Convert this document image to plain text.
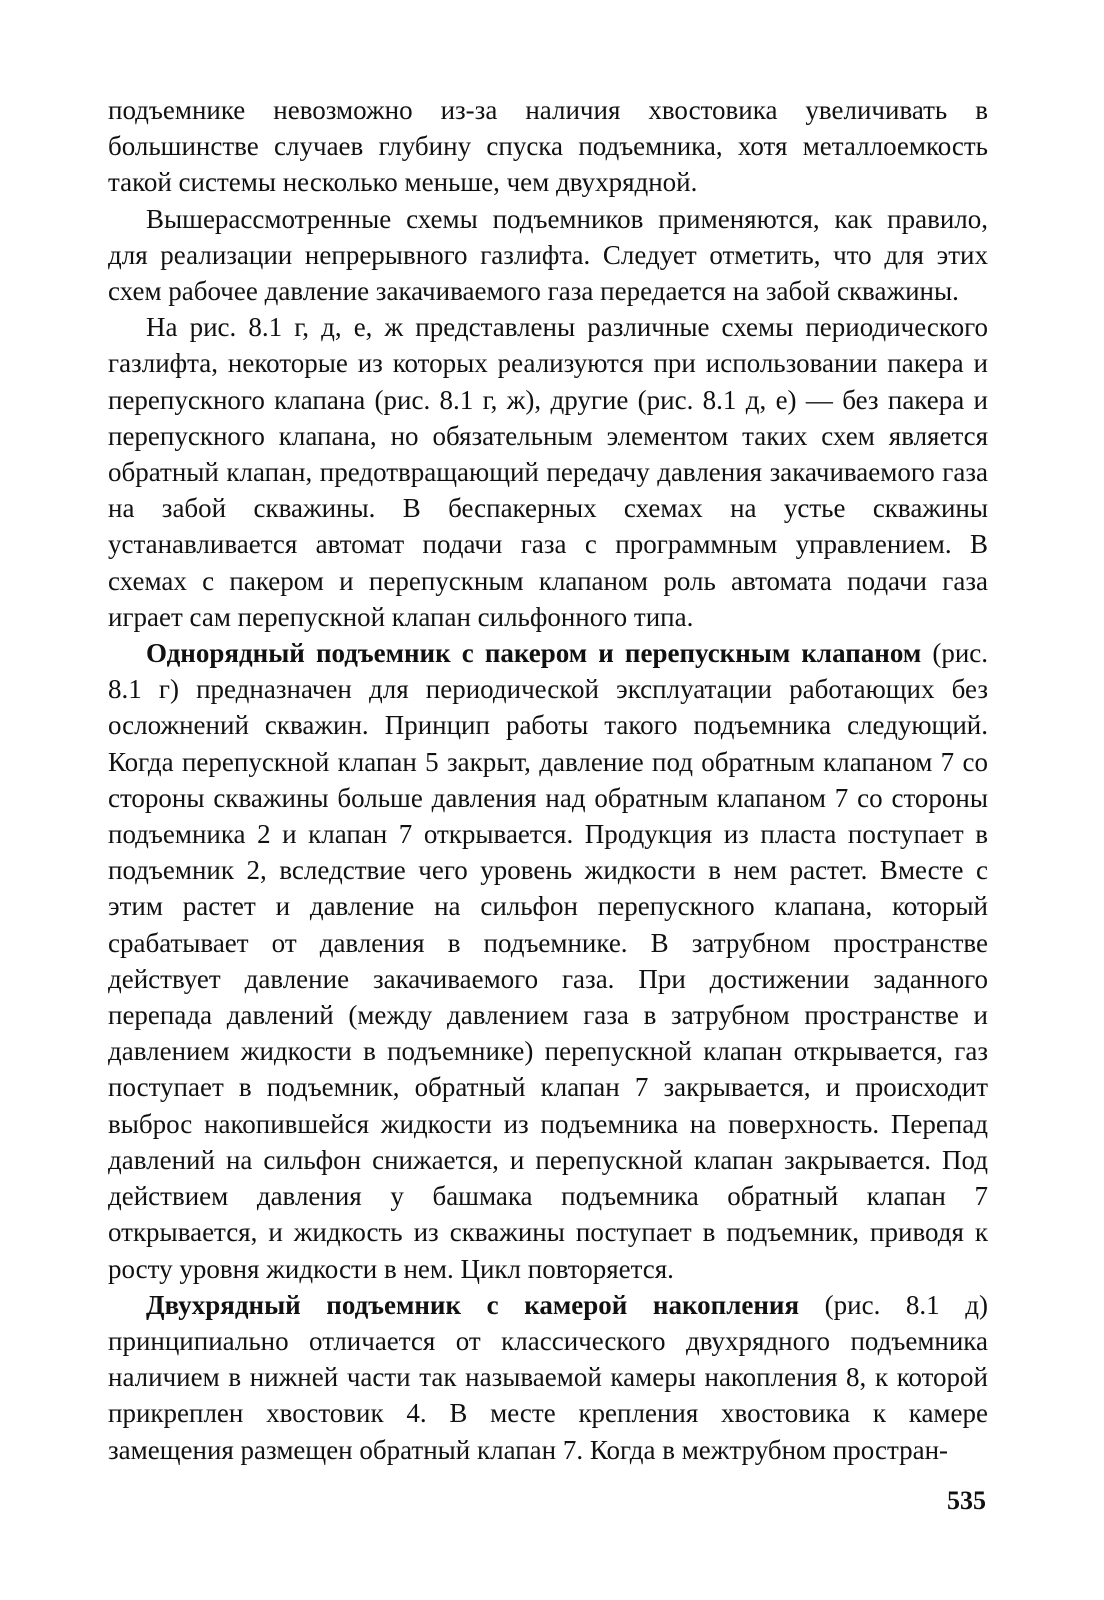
подъемнике невозможно из-за наличия хвостовика увеличивать в большинстве случаев глубину спуска подъемника, хотя металлоемкость такой системы несколько меньше, чем двухрядной.

Вышерассмотренные схемы подъемников применяются, как правило, для реализации непрерывного газлифта. Следует отметить, что для этих схем рабочее давление закачиваемого газа передается на забой скважины.

На рис. 8.1 г, д, е, ж представлены различные схемы периодического газлифта, некоторые из которых реализуются при использовании пакера и перепускного клапана (рис. 8.1 г, ж), другие (рис. 8.1 д, е) — без пакера и перепускного клапана, но обязательным элементом таких схем является обратный клапан, предотвращающий передачу давления закачиваемого газа на забой скважины. В беспакерных схемах на устье скважины устанавливается автомат подачи газа с программным управлением. В схемах с пакером и перепускным клапаном роль автомата подачи газа играет сам перепускной клапан сильфонного типа.

Однорядный подъемник с пакером и перепускным клапаном (рис. 8.1 г) предназначен для периодической эксплуатации работающих без осложнений скважин. Принцип работы такого подъемника следующий. Когда перепускной клапан 5 закрыт, давление под обратным клапаном 7 со стороны скважины больше давления над обратным клапаном 7 со стороны подъемника 2 и клапан 7 открывается. Продукция из пласта поступает в подъемник 2, вследствие чего уровень жидкости в нем растет. Вместе с этим растет и давление на сильфон перепускного клапана, который срабатывает от давления в подъемнике. В затрубном пространстве действует давление закачиваемого газа. При достижении заданного перепада давлений (между давлением газа в затрубном пространстве и давлением жидкости в подъемнике) перепускной клапан открывается, газ поступает в подъемник, обратный клапан 7 закрывается, и происходит выброс накопившейся жидкости из подъемника на поверхность. Перепад давлений на сильфон снижается, и перепускной клапан закрывается. Под действием давления у башмака подъемника обратный клапан 7 открывается, и жидкость из скважины поступает в подъемник, приводя к росту уровня жидкости в нем. Цикл повторяется.

Двухрядный подъемник с камерой накопления (рис. 8.1 д) принципиально отличается от классического двухрядного подъемника наличием в нижней части так называемой камеры накопления 8, к которой прикреплен хвостовик 4. В месте крепления хвостовика к камере замещения размещен обратный клапан 7. Когда в межтрубном простран-

535
